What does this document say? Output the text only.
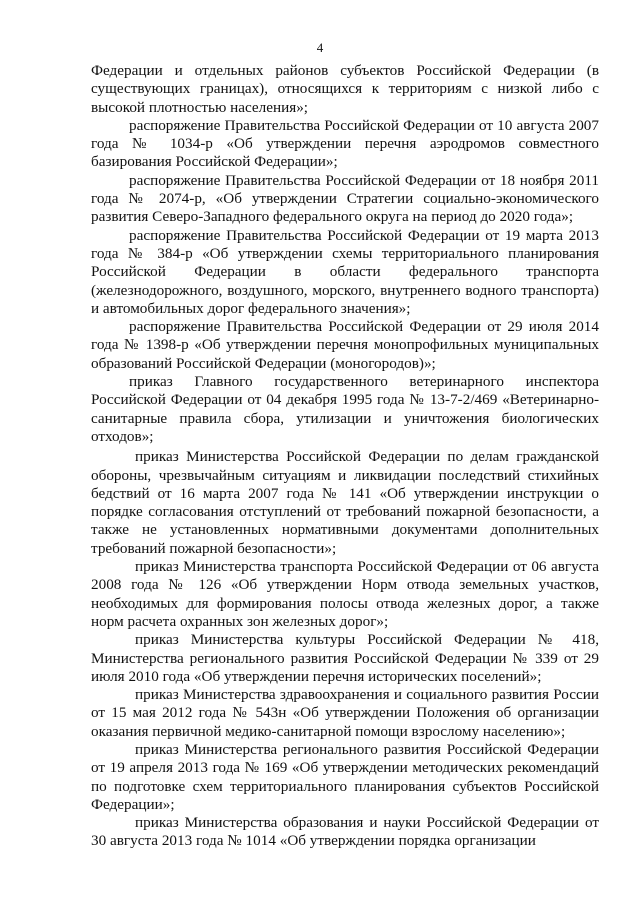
4

Федерации и отдельных районов субъектов Российской Федерации (в существующих границах), относящихся к территориям с низкой либо с высокой плотностью населения»;

распоряжение Правительства Российской Федерации от 10 августа 2007 года № 1034-р «Об утверждении перечня аэродромов совместного базирования Российской Федерации»;

распоряжение Правительства Российской Федерации от 18 ноября 2011 года № 2074-р, «Об утверждении Стратегии социально-экономического развития Северо-Западного федерального округа на период до 2020 года»;

распоряжение Правительства Российской Федерации от 19 марта 2013 года № 384-р «Об утверждении схемы территориального планирования Российской Федерации в области федерального транспорта (железнодорожного, воздушного, морского, внутреннего водного транспорта) и автомобильных дорог федерального значения»;

распоряжение Правительства Российской Федерации от 29 июля 2014 года № 1398-р «Об утверждении перечня монопрофильных муниципальных образований Российской Федерации (моногородов)»;

приказ Главного государственного ветеринарного инспектора Российской Федерации от 04 декабря 1995 года № 13-7-2/469 «Ветеринарно-санитарные правила сбора, утилизации и уничтожения биологических отходов»;

приказ Министерства Российской Федерации по делам гражданской обороны, чрезвычайным ситуациям и ликвидации последствий стихийных бедствий от 16 марта 2007 года № 141 «Об утверждении инструкции о порядке согласования отступлений от требований пожарной безопасности, а также не установленных нормативными документами дополнительных требований пожарной безопасности»;

приказ Министерства транспорта Российской Федерации от 06 августа 2008 года № 126 «Об утверждении Норм отвода земельных участков, необходимых для формирования полосы отвода железных дорог, а также норм расчета охранных зон железных дорог»;

приказ Министерства культуры Российской Федерации № 418, Министерства регионального развития Российской Федерации № 339 от 29 июля 2010 года «Об утверждении перечня исторических поселений»;

приказ Министерства здравоохранения и социального развития России от 15 мая 2012 года № 543н «Об утверждении Положения об организации оказания первичной медико-санитарной помощи взрослому населению»;

приказ Министерства регионального развития Российской Федерации от 19 апреля 2013 года № 169 «Об утверждении методических рекомендаций по подготовке схем территориального планирования субъектов Российской Федерации»;

приказ Министерства образования и науки Российской Федерации от 30 августа 2013 года № 1014 «Об утверждении порядка организации
